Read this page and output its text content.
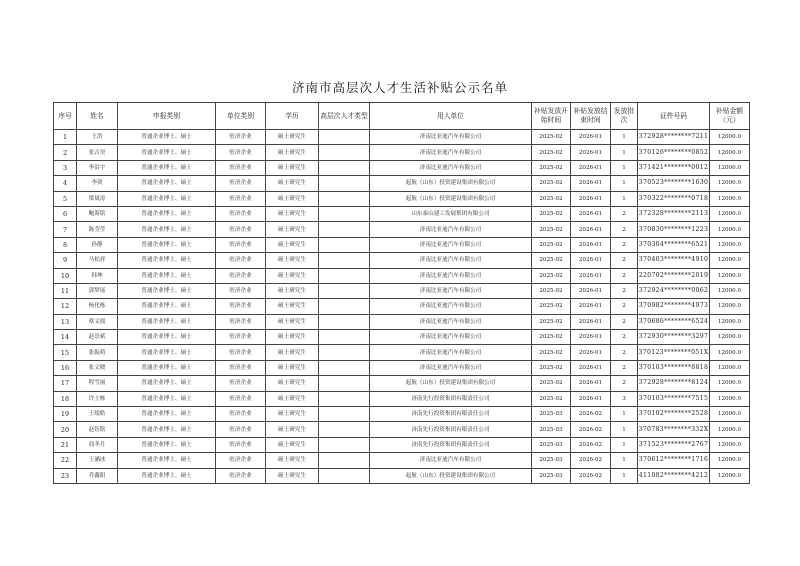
济南市高层次人才生活补贴公示名单
序号	姓名	申报类别	单位类别	学历	高层次人才类型	用人单位	补贴发放开始时间	补贴发放结束时间	发放批次	证件号码	补贴金额（元）
1	王浩	普通企业博士、硕士	驻济企业	硕士研究生		济南比亚迪汽车有限公司	2025-02	2026-01	1	372928********7211	12000.0
2	张吉昊	普通企业博士、硕士	驻济企业	硕士研究生		济南比亚迪汽车有限公司	2025-02	2026-01	1	370126********0852	12000.0
3	李沿宇	普通企业博士、硕士	驻济企业	硕士研究生		济南比亚迪汽车有限公司	2025-02	2026-01	1	371421********0012	12000.0
4	李剑	普通企业博士、硕士	驻济企业	硕士研究生		起航（山东）投资建设集团有限公司	2025-02	2026-01	1	370523********1630	12000.0
5	梁晟涛	普通企业博士、硕士	驻济企业	硕士研究生		起航（山东）投资建设集团有限公司	2025-02	2026-01	1	370322********0718	12000.0
6	鲍海铭	普通企业博士、硕士	驻济企业	硕士研究生		山东泰山建工发展集团有限公司	2025-02	2026-01	2	372328********2113	12000.0
7	陈莹莹	普通企业博士、硕士	驻济企业	硕士研究生		济南比亚迪汽车有限公司	2025-02	2026-01	2	370830********1223	12000.0
8	孙静	普通企业博士、硕士	驻济企业	硕士研究生		济南比亚迪汽车有限公司	2025-02	2026-01	2	370304********6521	12000.0
9	马松祥	普通企业博士、硕士	驻济企业	硕士研究生		济南比亚迪汽车有限公司	2025-02	2026-01	2	370403********4910	12000.0
10	韩坤	普通企业博士、硕士	驻济企业	硕士研究生		济南比亚迪汽车有限公司	2025-02	2026-01	2	220702********2019	12000.0
11	郭梦瑶	普通企业博士、硕士	驻济企业	硕士研究生		济南比亚迪汽车有限公司	2025-02	2026-01	2	372924********0062	12000.0
12	杨化栋	普通企业博士、硕士	驻济企业	硕士研究生		济南比亚迪汽车有限公司	2025-02	2026-01	2	370982********4973	12000.0
13	蔡文霞	普通企业博士、硕士	驻济企业	硕士研究生		济南比亚迪汽车有限公司	2025-02	2026-01	2	370686********6524	12000.0
14	赵崇斌	普通企业博士、硕士	驻济企业	硕士研究生		济南比亚迪汽车有限公司	2025-02	2026-01	2	372930********3297	12000.0
15	张振萌	普通企业博士、硕士	驻济企业	硕士研究生		济南比亚迪汽车有限公司	2025-02	2026-01	2	370123********051X	12000.0
16	张文晓	普通企业博士、硕士	驻济企业	硕士研究生		济南比亚迪汽车有限公司	2025-02	2026-01	2	370103********8818	12000.0
17	程雪丽	普通企业博士、硕士	驻济企业	硕士研究生		起航（山东）投资建设集团有限公司	2025-02	2026-01	2	372928********8124	12000.0
18	许士栋	普通企业博士、硕士	驻济企业	硕士研究生		济南先行投资集团有限责任公司	2025-02	2026-01	3	370103********7515	12000.0
19	王绫皓	普通企业博士、硕士	驻济企业	硕士研究生		济南先行投资集团有限责任公司	2025-03	2026-02	1	370102********2528	12000.0
20	赵钰铭	普通企业博士、硕士	驻济企业	硕士研究生		济南先行投资集团有限责任公司	2025-03	2026-02	1	370783********332X	12000.0
21	商冬月	普通企业博士、硕士	驻济企业	硕士研究生		济南先行投资集团有限责任公司	2025-03	2026-02	1	371523********2767	12000.0
22	王涵冰	普通企业博士、硕士	驻济企业	硕士研究生		济南比亚迪汽车有限公司	2025-03	2026-02	1	370612********1716	12000.0
23	乔鑫阳	普通企业博士、硕士	驻济企业	硕士研究生		起航（山东）投资建设集团有限公司	2025-03	2026-02	1	411082********4212	12000.0
